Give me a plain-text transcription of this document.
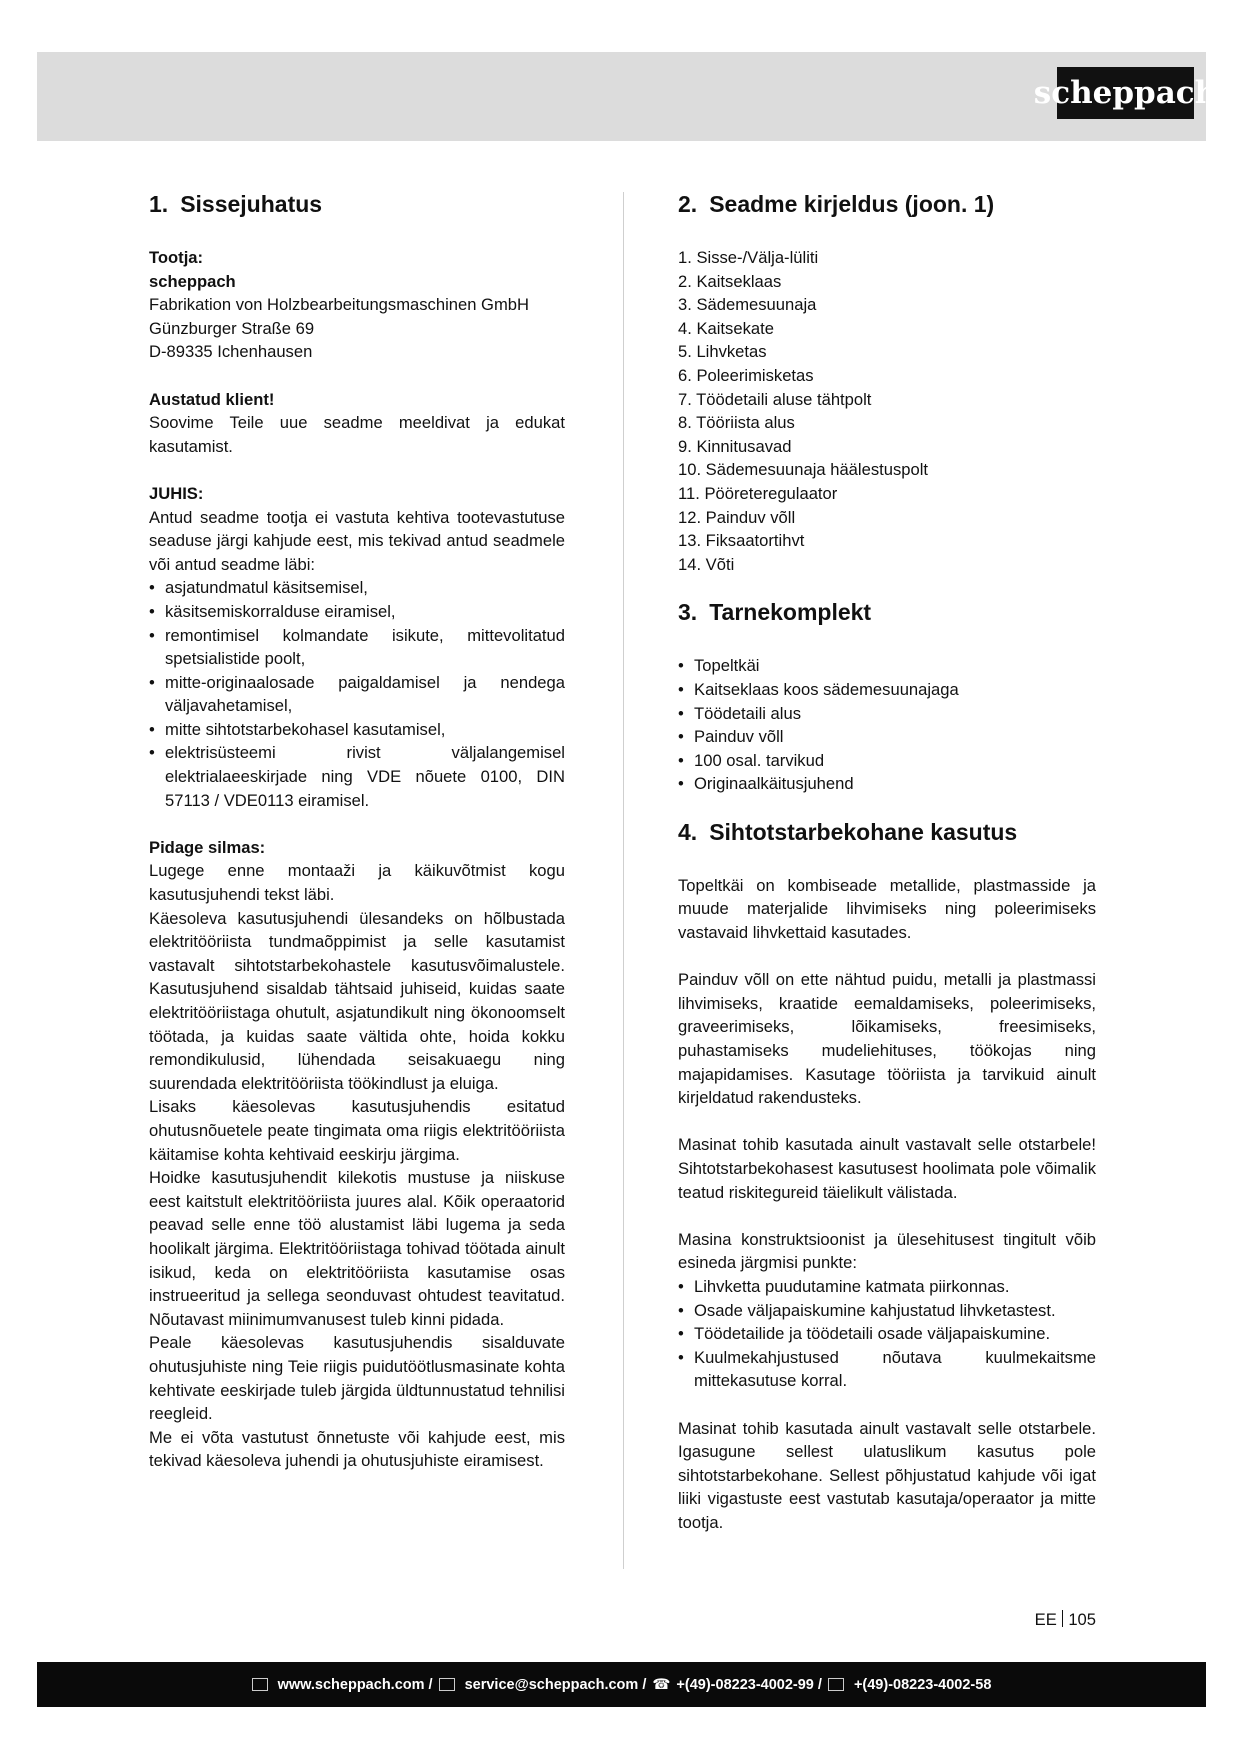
scheppach
1. Sissejuhatus

Tootja:

scheppach

Fabrikation von Holzbearbeitungsmaschinen GmbH

Günzburger Straße 69

D-89335 Ichenhausen

Austatud klient!

Soovime Teile uue seadme meeldivat ja edukat kasutamist.

JUHIS:

Antud seadme tootja ei vastuta kehtiva tootevastutuse seaduse järgi kahjude eest, mis tekivad antud seadmele või antud seadme läbi:

• asjatundmatul käsitsemisel,
• käsitsemiskorralduse eiramisel,
• remontimisel kolmandate isikute, mittevolitatud spetsialistide poolt,
• mitte-originaalosade paigaldamisel ja nendega väljavahetamisel,
• mitte sihtotstarbekohasel kasutamisel,
• elektrisüsteemi rivist väljalangemisel elektrialaeeskirjade ning VDE nõuete 0100, DIN 57113 / VDE0113 eiramisel.

Pidage silmas:

Lugege enne montaaži ja käikuvõtmist kogu kasutusjuhendi tekst läbi.

Käesoleva kasutusjuhendi ülesandeks on hõlbustada elektritööriista tundmaõppimist ja selle kasutamist vastavalt sihtotstarbekohastele kasutusvõimalustele. Kasutusjuhend sisaldab tähtsaid juhiseid, kuidas saate elektritööriistaga ohutult, asjatundikult ning ökonoomselt töötada, ja kuidas saate vältida ohte, hoida kokku remondikulusid, lühendada seisakuaegu ning suurendada elektritööriista töökindlust ja eluiga.

Lisaks käesolevas kasutusjuhendis esitatud ohutusnõuetele peate tingimata oma riigis elektritööriista käitamise kohta kehtivaid eeskirju järgima.

Hoidke kasutusjuhendit kilekotis mustuse ja niiskuse eest kaitstult elektritööriista juures alal. Kõik operaatorid peavad selle enne töö alustamist läbi lugema ja seda hoolikalt järgima. Elektritööriistaga tohivad töötada ainult isikud, keda on elektritööriista kasutamise osas instrueeritud ja sellega seonduvast ohtudest teavitatud. Nõutavast miinimumvanusest tuleb kinni pidada.

Peale käesolevas kasutusjuhendis sisalduvate ohutusjuhiste ning Teie riigis puidutöötlusmasinate kohta kehtivate eeskirjade tuleb järgida üldtunnustatud tehnilisi reegleid.

Me ei võta vastutust õnnetuste või kahjude eest, mis tekivad käesoleva juhendi ja ohutusjuhiste eiramisest.

2. Seadme kirjeldus (joon. 1)
1. Sisse-/Välja-lüliti
2. Kaitseklaas
3. Sädemesuunaja
4. Kaitsekate
5. Lihvketas
6. Poleerimisketas
7. Töödetaili aluse tähtpolt
8. Tööriista alus
9. Kinnitusavad
10. Sädemesuunaja häälestuspolt
11. Pööreteregulaator
12. Painduv võll
13. Fiksaatortihvt
14. Võti
3. Tarnekomplekt
• Topeltkäi
• Kaitseklaas koos sädemesuunajaga
• Töödetaili alus
• Painduv võll
• 100 osal. tarvikud
• Originaalkäitusjuhend
4. Sihtotstarbekohane kasutus

Topeltkäi on kombiseade metallide, plastmasside ja muude materjalide lihvimiseks ning poleerimiseks vastavaid lihvkettaid kasutades.

Painduv võll on ette nähtud puidu, metalli ja plastmassi lihvimiseks, kraatide eemaldamiseks, poleerimiseks, graveerimiseks, lõikamiseks, freesimiseks, puhastamiseks mudeliehituses, töökojas ning majapidamises. Kasutage tööriista ja tarvikuid ainult kirjeldatud rakendusteks.

Masinat tohib kasutada ainult vastavalt selle otstarbele! Sihtotstarbekohasest kasutusest hoolimata pole võimalik teatud riskitegureid täielikult välistada.

Masina konstruktsioonist ja ülesehitusest tingitult võib esineda järgmisi punkte:

• Lihvketta puudutamine katmata piirkonnas.
• Osade väljapaiskumine kahjustatud lihvketastest.
• Töödetailide ja töödetaili osade väljapaiskumine.
• Kuulmekahjustused nõutava kuulmekaitsme mittekasutuse korral.

Masinat tohib kasutada ainult vastavalt selle otstarbele. Igasugune sellest ulatuslikum kasutus pole sihtotstarbekohane. Sellest põhjustatud kahjude või igat liiki vigastuste eest vastutab kasutaja/operaator ja mitte tootja.

EE 105
www.scheppach.com / service@scheppach.com / ☎ +(49)-08223-4002-99 / +(49)-08223-4002-58
